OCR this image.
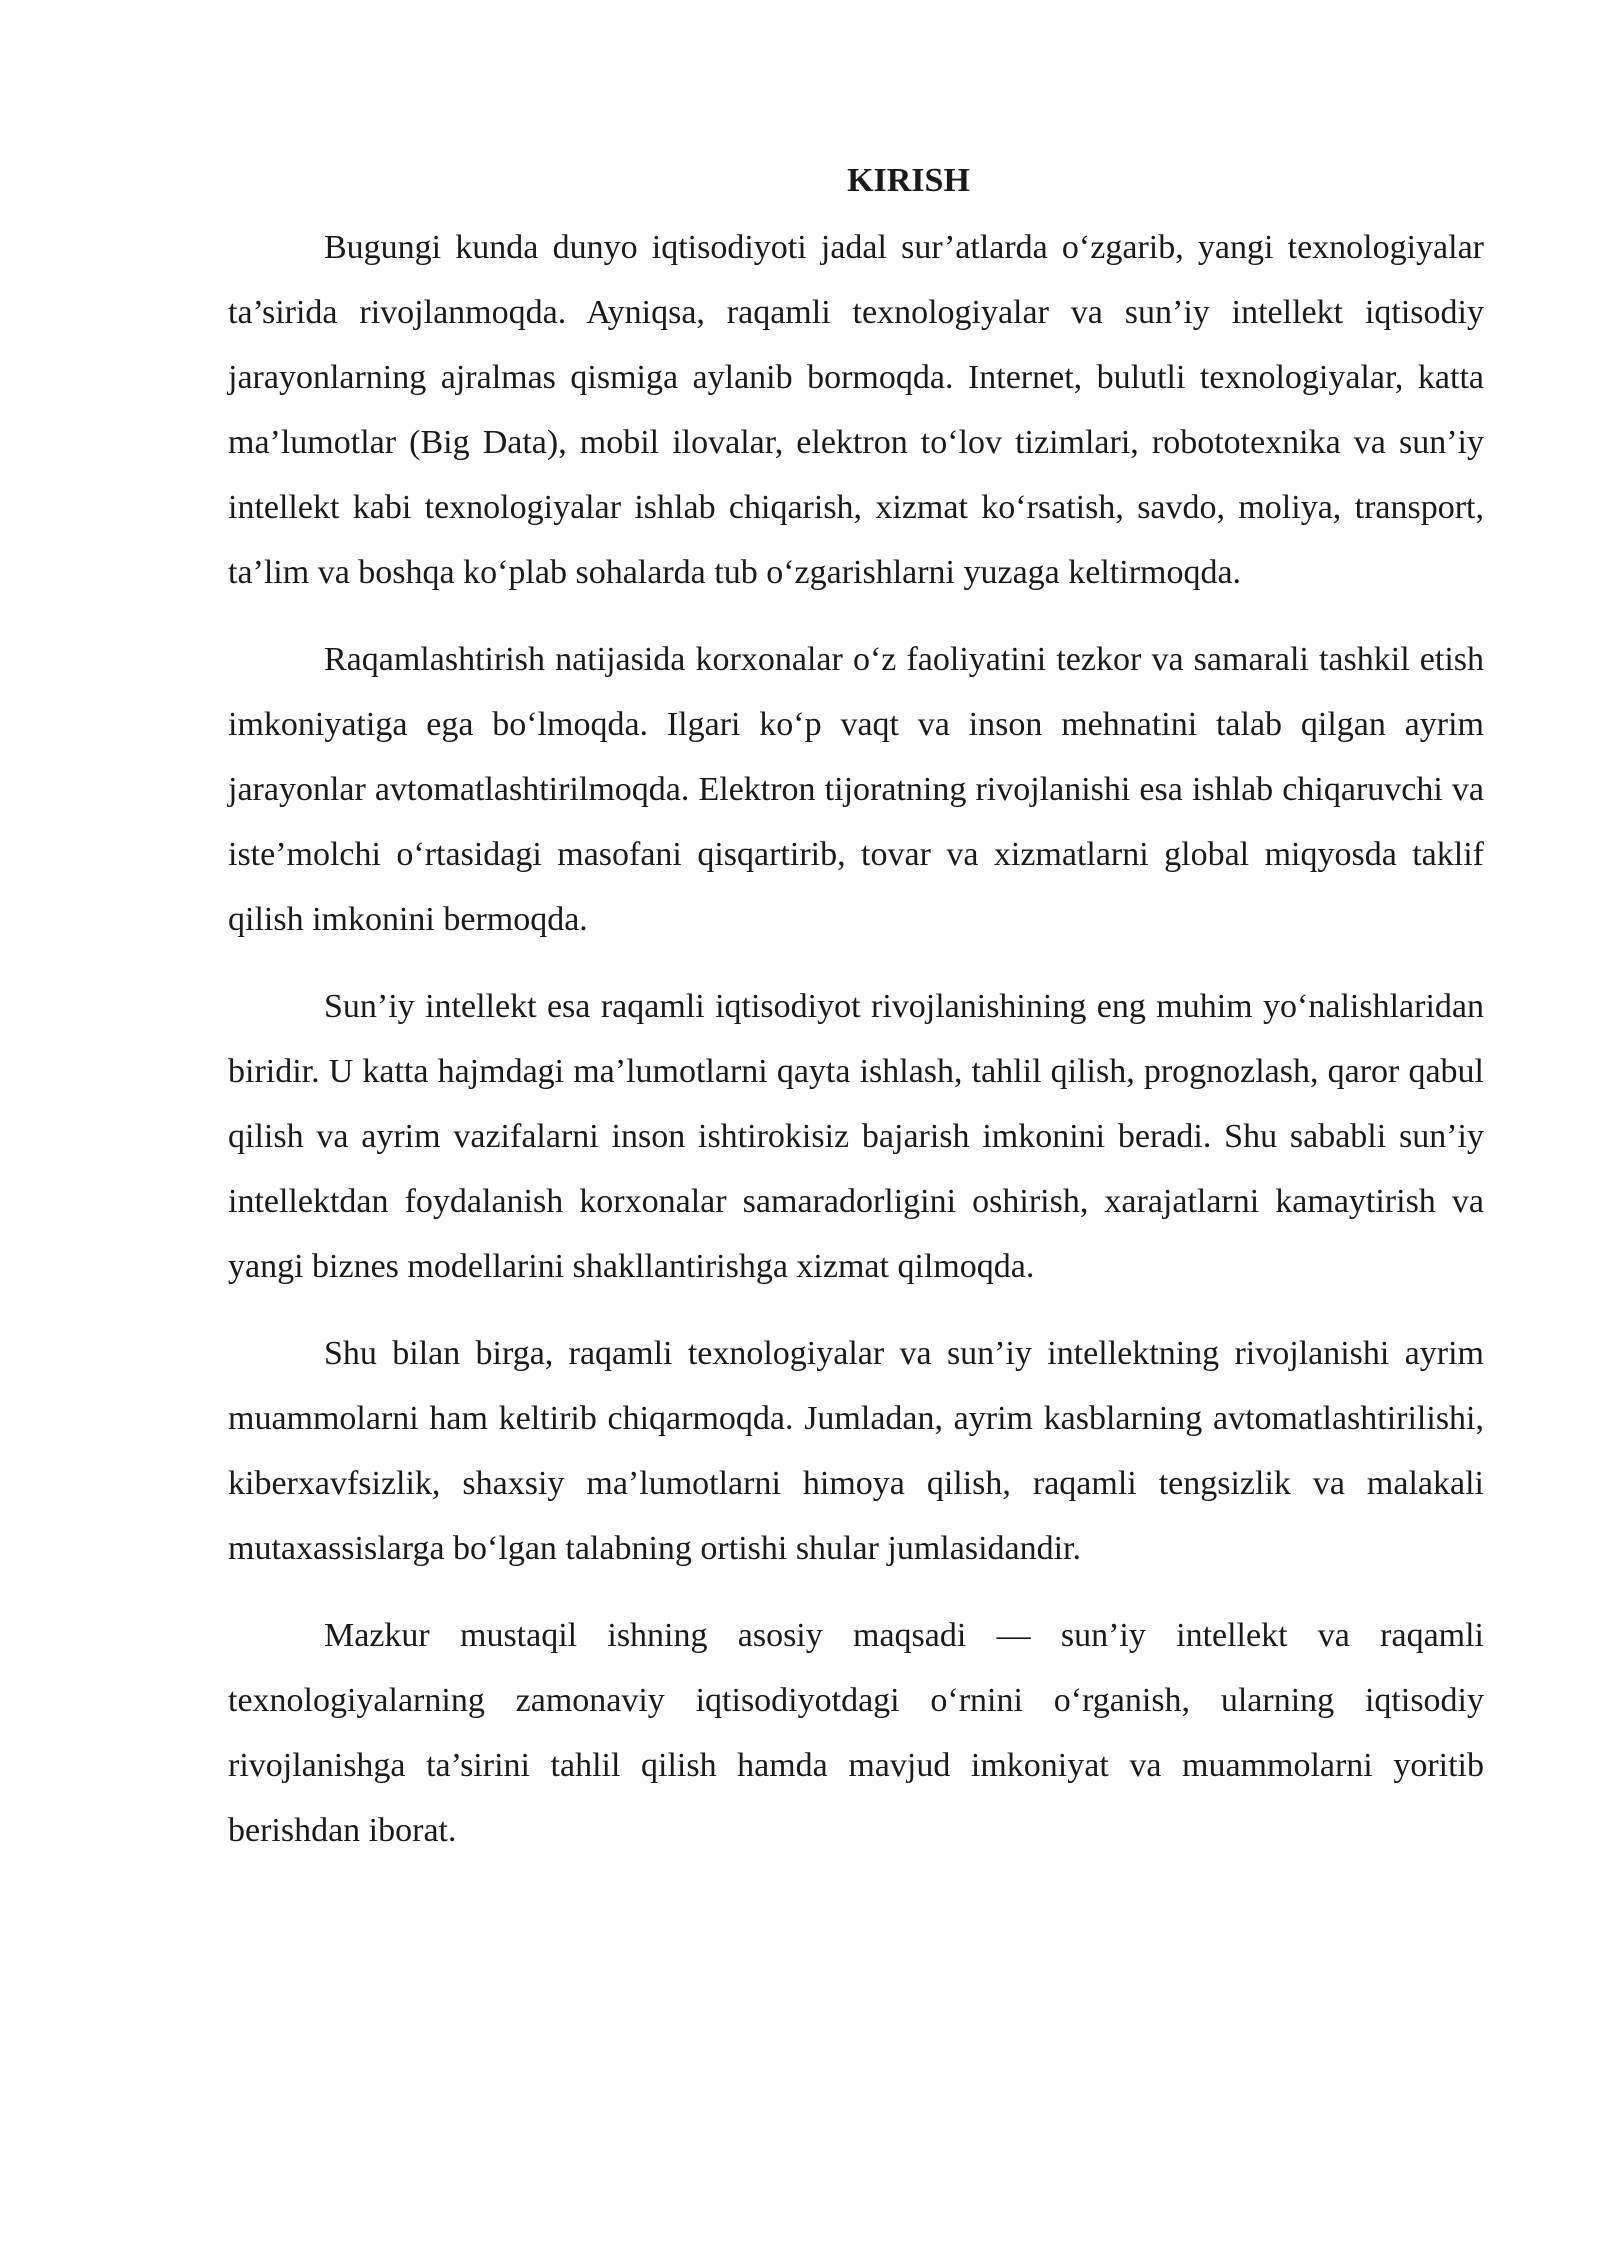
KIRISH

Bugungi kunda dunyo iqtisodiyoti jadal sur’atlarda o‘zgarib, yangi texnologiyalar ta’sirida rivojlanmoqda. Ayniqsa, raqamli texnologiyalar va sun’iy intellekt iqtisodiy jarayonlarning ajralmas qismiga aylanib bormoqda. Internet, bulutli texnologiyalar, katta ma’lumotlar (Big Data), mobil ilovalar, elektron to‘lov tizimlari, robototexnika va sun’iy intellekt kabi texnologiyalar ishlab chiqarish, xizmat ko‘rsatish, savdo, moliya, transport, ta’lim va boshqa ko‘plab sohalarda tub o‘zgarishlarni yuzaga keltirmoqda.

Raqamlashtirish natijasida korxonalar o‘z faoliyatini tezkor va samarali tashkil etish imkoniyatiga ega bo‘lmoqda. Ilgari ko‘p vaqt va inson mehnatini talab qilgan ayrim jarayonlar avtomatlashtirilmoqda. Elektron tijoratning rivojlanishi esa ishlab chiqaruvchi va iste’molchi o‘rtasidagi masofani qisqartirib, tovar va xizmatlarni global miqyosda taklif qilish imkonini bermoqda.

Sun’iy intellekt esa raqamli iqtisodiyot rivojlanishining eng muhim yo‘nalishlaridan biridir. U katta hajmdagi ma’lumotlarni qayta ishlash, tahlil qilish, prognozlash, qaror qabul qilish va ayrim vazifalarni inson ishtirokisiz bajarish imkonini beradi. Shu sababli sun’iy intellektdan foydalanish korxonalar samaradorligini oshirish, xarajatlarni kamaytirish va yangi biznes modellarini shakllantirishga xizmat qilmoqda.

Shu bilan birga, raqamli texnologiyalar va sun’iy intellektning rivojlanishi ayrim muammolarni ham keltirib chiqarmoqda. Jumladan, ayrim kasblarning avtomatlashtirilishi, kiberxavfsizlik, shaxsiy ma’lumotlarni himoya qilish, raqamli tengsizlik va malakali mutaxassislarga bo‘lgan talabning ortishi shular jumlasidandir.

Mazkur mustaqil ishning asosiy maqsadi — sun’iy intellekt va raqamli texnologiyalarning zamonaviy iqtisodiyotdagi o‘rnini o‘rganish, ularning iqtisodiy rivojlanishga ta’sirini tahlil qilish hamda mavjud imkoniyat va muammolarni yoritib berishdan iborat.
